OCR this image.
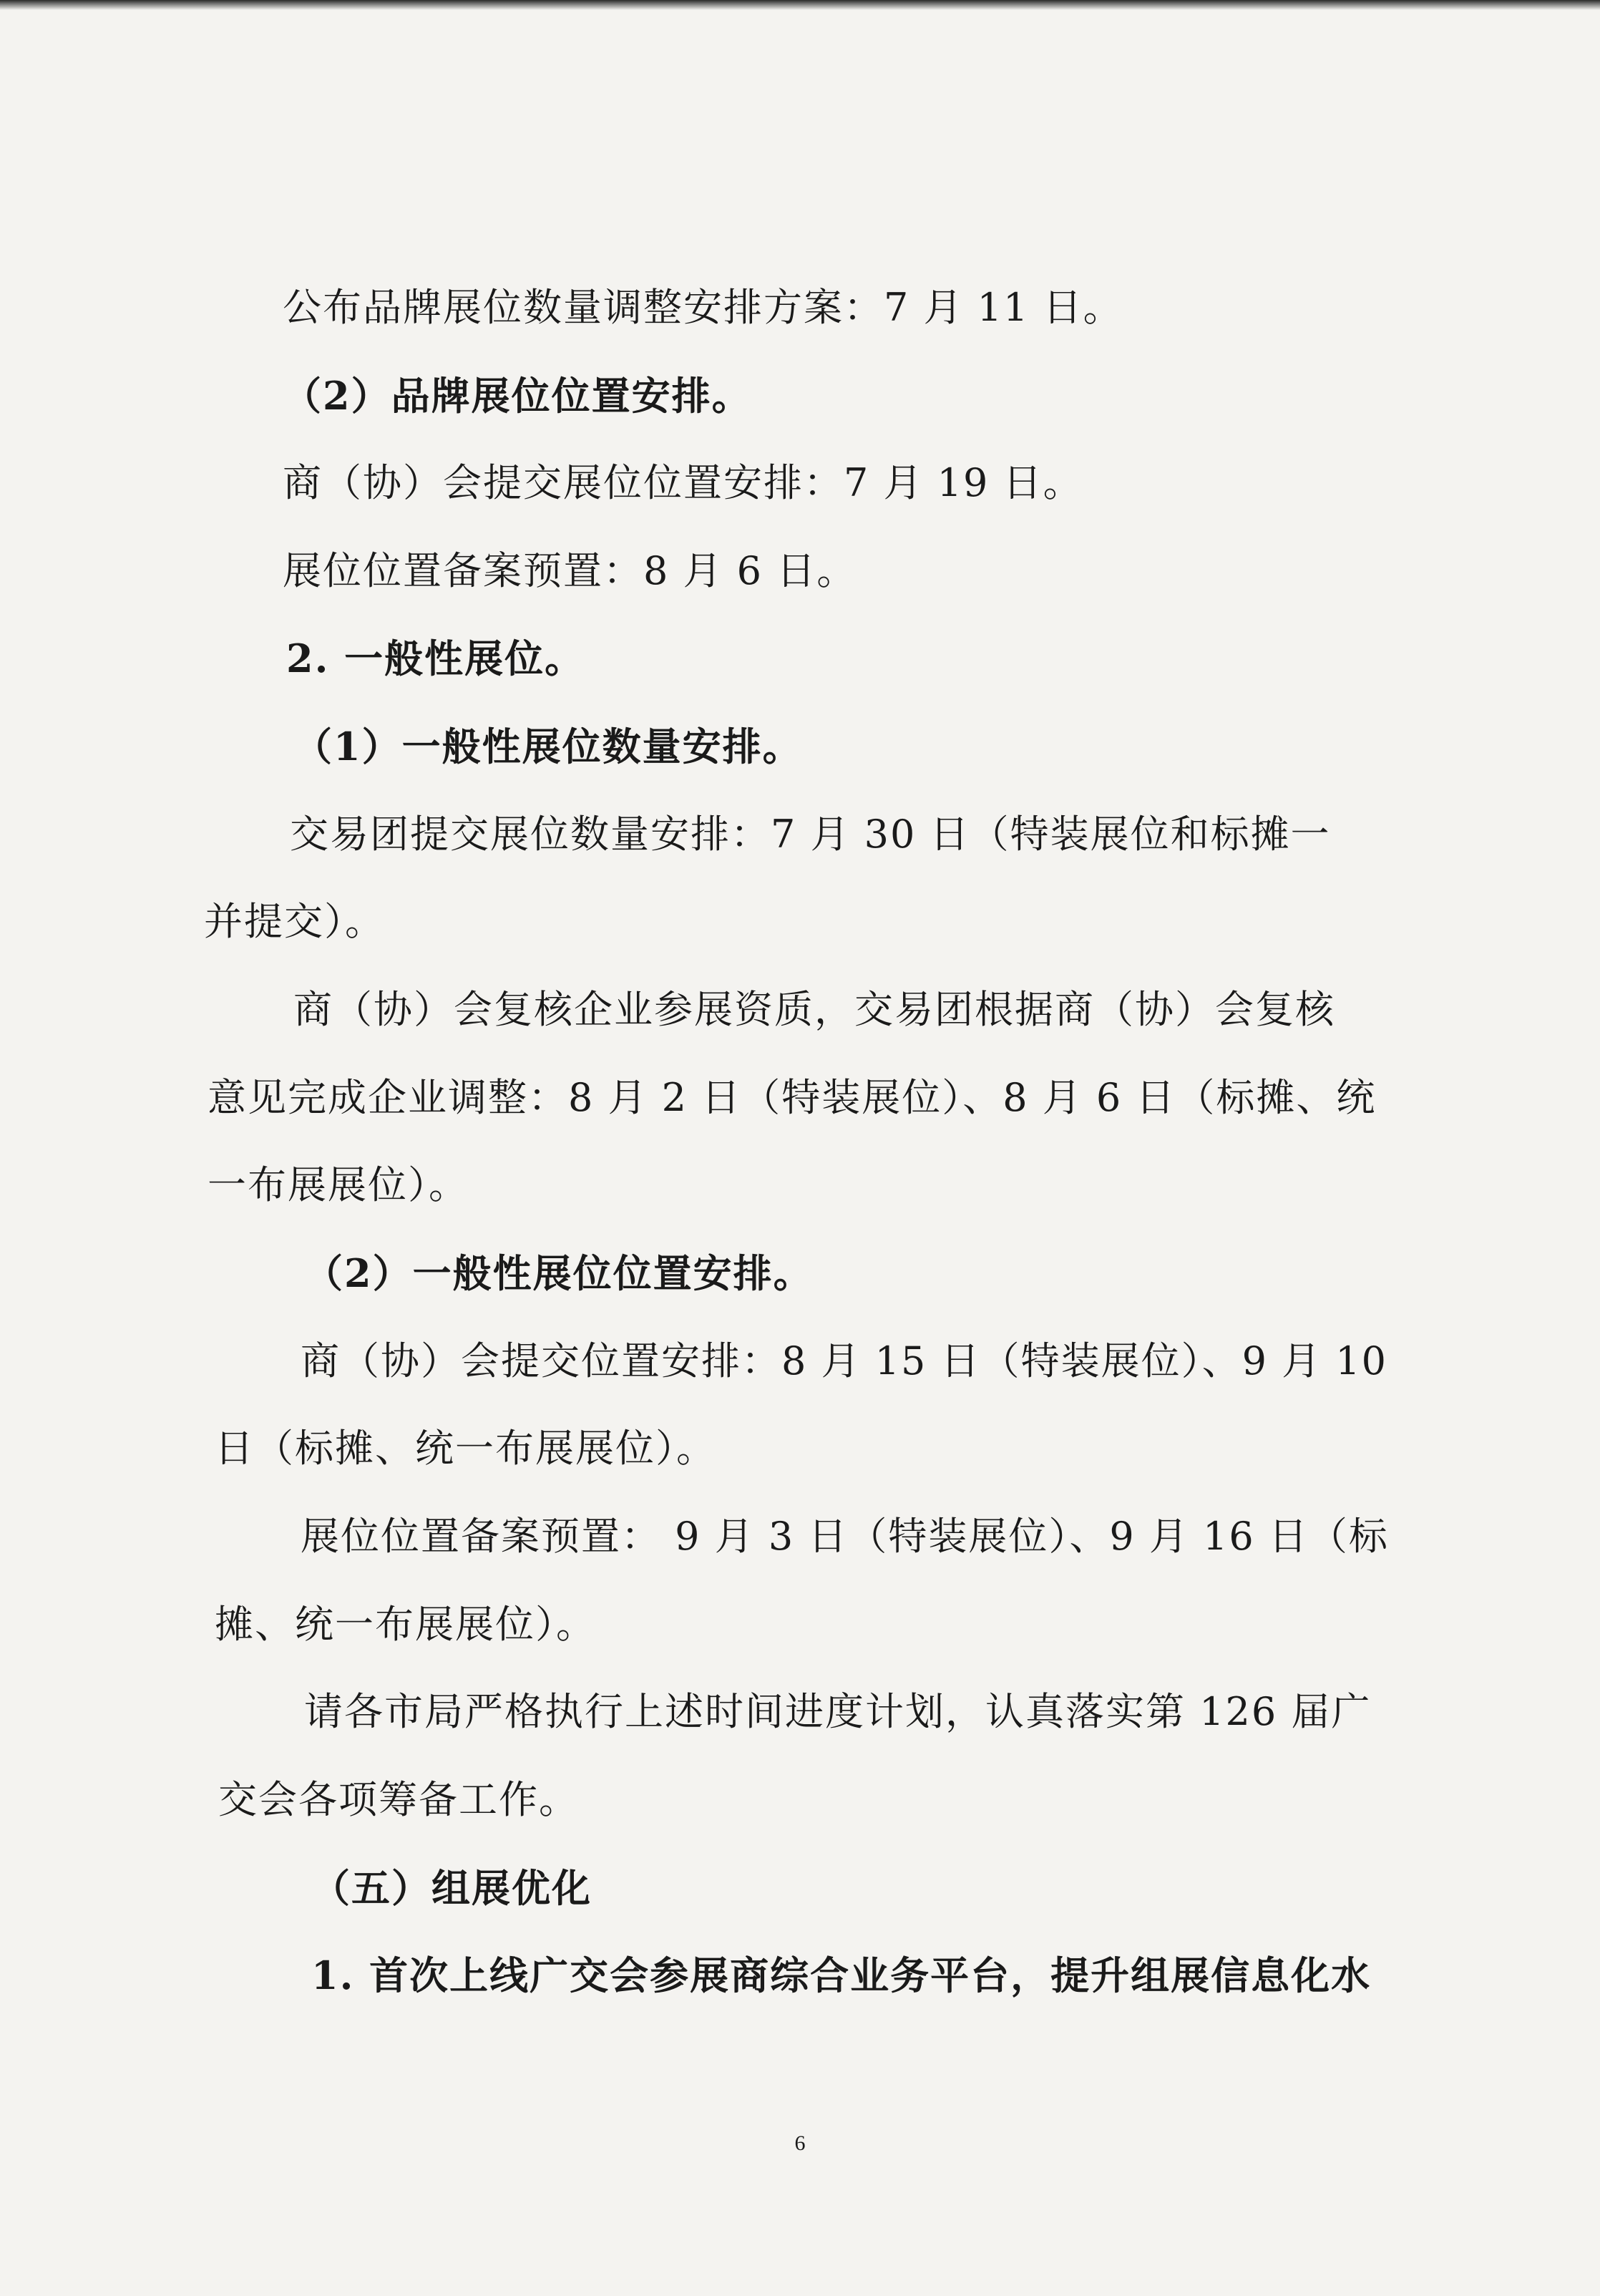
公布品牌展位数量调整安排方案：7 月 11 日。
（2）品牌展位位置安排。
商（协）会提交展位位置安排：7 月 19 日。
展位位置备案预置：8 月 6 日。
2. 一般性展位。
（1）一般性展位数量安排。
交易团提交展位数量安排：7 月 30 日（特装展位和标摊一
并提交）。
商（协）会复核企业参展资质，交易团根据商（协）会复核
意见完成企业调整：8 月 2 日（特装展位）、8 月 6 日（标摊、统
一布展展位）。
（2）一般性展位位置安排。
商（协）会提交位置安排：8 月 15 日（特装展位）、9 月 10
日（标摊、统一布展展位）。
展位位置备案预置： 9 月 3 日（特装展位）、9 月 16 日（标
摊、统一布展展位）。
请各市局严格执行上述时间进度计划，认真落实第 126 届广
交会各项筹备工作。
（五）组展优化
1. 首次上线广交会参展商综合业务平台，提升组展信息化水
6
